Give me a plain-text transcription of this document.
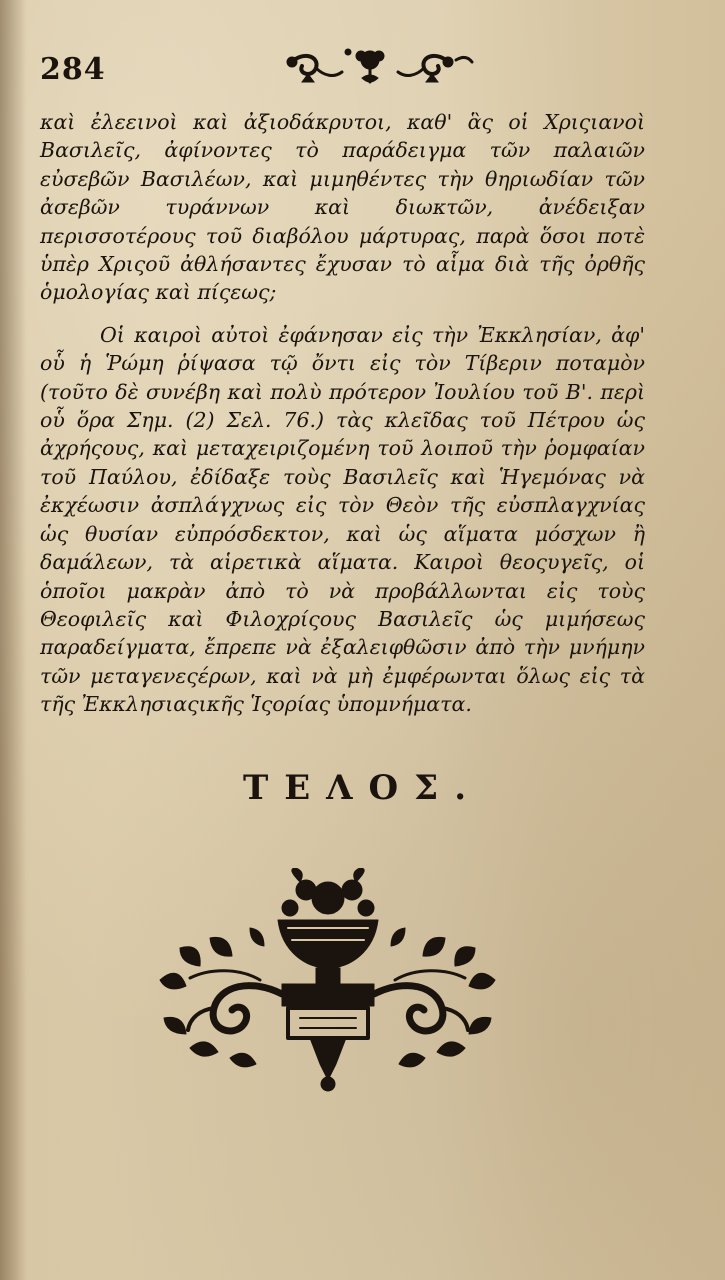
284

καὶ ἐλεεινοὶ καὶ ἀξιοδάκρυτοι, καθ' ἃς οἱ Χριςιανοὶ Βασιλεῖς, ἀφίνοντες τὸ παράδειγμα τῶν παλαιῶν εὐσεβῶν Βασιλέων, καὶ μιμηθέντες τὴν θηριωδίαν τῶν ἀσεβῶν τυράννων καὶ διωκτῶν, ἀνέδειξαν περισσοτέρους τοῦ διαβόλου μάρτυρας, παρὰ ὅσοι ποτὲ ὑπὲρ Χριςοῦ ἀθλήσαντες ἔχυσαν τὸ αἷμα διὰ τῆς ὀρθῆς ὁμολογίας καὶ πίςεως;

Οἱ καιροὶ αὐτοὶ ἐφάνησαν εἰς τὴν Ἐκκλησίαν, ἀφ' οὗ ἡ Ῥώμη ῥίψασα τῷ ὄντι εἰς τὸν Τίβεριν ποταμὸν (τοῦτο δὲ συνέβη καὶ πολὺ πρότερον Ἰουλίου τοῦ Β'. περὶ οὗ ὅρα Σημ. (2) Σελ. 76.) τὰς κλεῖδας τοῦ Πέτρου ὡς ἀχρήςους, καὶ μεταχειριζομένη τοῦ λοιποῦ τὴν ῥομφαίαν τοῦ Παύλου, ἐδίδαξε τοὺς Βασιλεῖς καὶ Ἡγεμόνας νὰ ἐκχέωσιν ἀσπλάγχνως εἰς τὸν Θεὸν τῆς εὐσπλαγχνίας ὡς θυσίαν εὐπρόσδεκτον, καὶ ὡς αἵματα μόσχων ἢ δαμάλεων, τὰ αἱρετικὰ αἵματα. Καιροὶ θεοςυγεῖς, οἱ ὁποῖοι μακρὰν ἀπὸ τὸ νὰ προβάλλωνται εἰς τοὺς Θεοφιλεῖς καὶ Φιλοχρίςους Βασιλεῖς ὡς μιμήσεως παραδείγματα, ἔπρεπε νὰ ἐξαλειφθῶσιν ἀπὸ τὴν μνήμην τῶν μεταγενεςέρων, καὶ νὰ μὴ ἐμφέρωνται ὅλως εἰς τὰ τῆς Ἐκκλησιαςικῆς Ἱςορίας ὑπομνήματα.

ΤΕΛΟΣ.
